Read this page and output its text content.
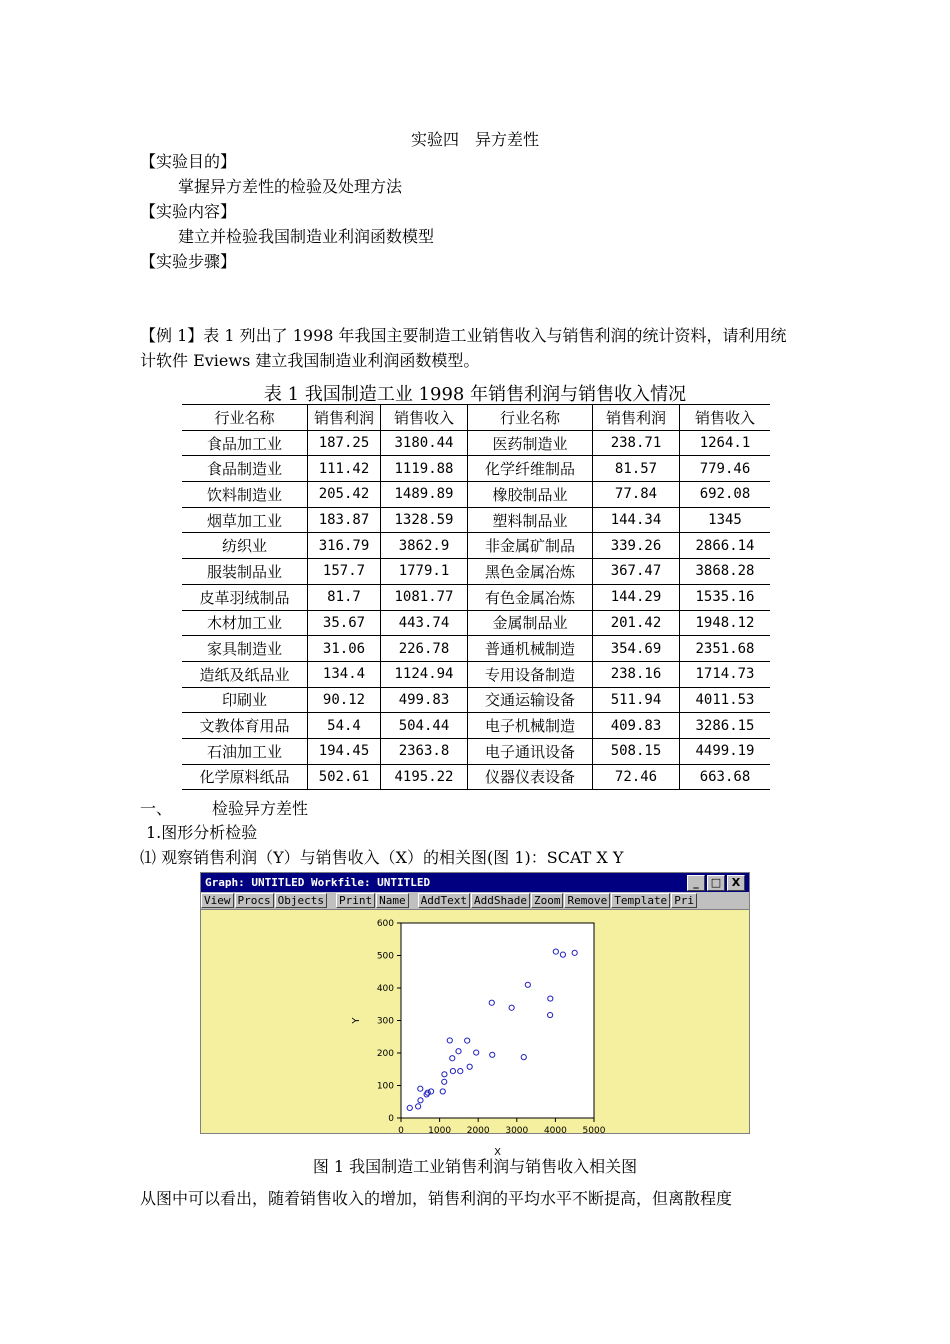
实验四　异方差性
【实验目的】
掌握异方差性的检验及处理方法
【实验内容】
建立并检验我国制造业利润函数模型
【实验步骤】
【例 1】表 1 列出了 1998 年我国主要制造工业销售收入与销售利润的统计资料，请利用统
计软件 Eviews 建立我国制造业利润函数模型。
表 1 我国制造工业 1998 年销售利润与销售收入情况
行业名称	销售利润	销售收入	行业名称	销售利润	销售收入
食品加工业	187.25	3180.44	医药制造业	238.71	1264.1
食品制造业	111.42	1119.88	化学纤维制品	81.57	779.46
饮料制造业	205.42	1489.89	橡胶制品业	77.84	692.08
烟草加工业	183.87	1328.59	塑料制品业	144.34	1345
纺织业	316.79	3862.9	非金属矿制品	339.26	2866.14
服装制品业	157.7	1779.1	黑色金属冶炼	367.47	3868.28
皮革羽绒制品	81.7	1081.77	有色金属冶炼	144.29	1535.16
木材加工业	35.67	443.74	金属制品业	201.42	1948.12
家具制造业	31.06	226.78	普通机械制造	354.69	2351.68
造纸及纸品业	134.4	1124.94	专用设备制造	238.16	1714.73
印刷业	90.12	499.83	交通运输设备	511.94	4011.53
文教体育用品	54.4	504.44	电子机械制造	409.83	3286.15
石油加工业	194.45	2363.8	电子通讯设备	508.15	4499.19
化学原料纸品	502.61	4195.22	仪器仪表设备	72.46	663.68
一、 检验异方差性
1.图形分析检验
⑴ 观察销售利润（Y）与销售收入（X）的相关图(图 1)：SCAT X Y
Graph: UNTITLED Workfile: UNTITLED	_	□ X
View Procs Objects Print Name AddText AddShade Zoom Remove Template Pri
0	1000 2000 3000 4000 5000
0
100
200
300
400
500
600
X
Y
图 1 我国制造工业销售利润与销售收入相关图
从图中可以看出，随着销售收入的增加，销售利润的平均水平不断提高，但离散程度
